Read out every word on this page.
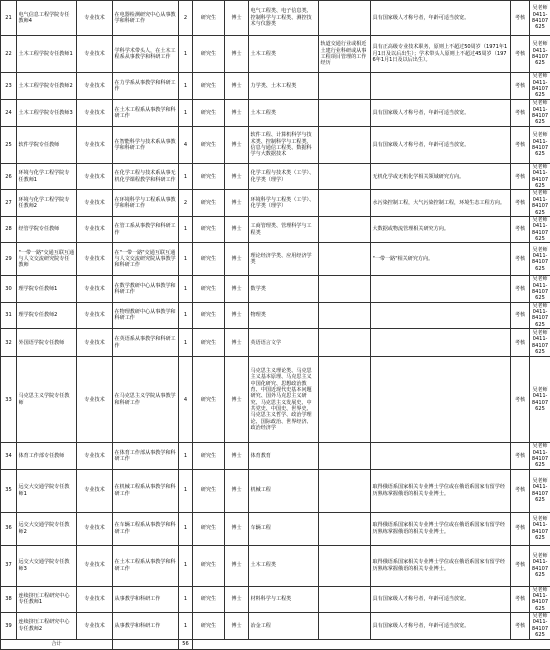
21	电气信息工程学院专任教师4	专业技术	在电器检测研究中心从事教学和科研工作	2	研究生	博士	电气工程类、电子信息类、控制科学与工程类、测控技术与仪器类		具有国家级人才称号者，年龄可适当放宽。	考核	吴老师
0411-
84107625

22	土木工程学院专任教师1	专业技术	学科学术带头人，在土木工程系从事教学和科研工作	1	研究生	博士	土木工程类	轨道交通行业或相近土建行业科研或从事工程项目管理的工作经历	具有正高级专业技术职务，原则上不超过50周岁（1971年1月1日及以后出生）；学术带头人原则上不超过45周岁（1976年1月1日及以后出生）。	考核	吴老师
0411-
84107625

23	土木工程学院专任教师2	专业技术	在力学系从事教学和科研工作	1	研究生	博士	力学类、土木工程类			考核	吴老师
0411-
84107625

24	土木工程学院专任教师3	专业技术	在土木工程系从事教学和科研工作	1	研究生	博士	土木工程类		具有国家级人才称号者，年龄可适当放宽。	考核	吴老师
0411-
84107625

25	软件学院专任教师	专业技术	在智能科学与技术系从事教学和科研工作	4	研究生	博士	软件工程、计算机科学与技术类、控制科学与工程类、信息与通信工程类、数据科学与大数据技术		具有国家级人才称号者，年龄可适当放宽。	考核	吴老师
0411-
84107625

26	环境与化学工程学院专任教师1	专业技术	在化学工程与技术系从事无机化学课程教学和科研工作	1	研究生	博士	化学工程与技术类（工学）、化学类（理学）		无机化学或无机化学相关领域研究方向。	考核	吴老师
0411-
84107625

27	环境与化学工程学院专任教师2	专业技术	在环境科学与工程系从事教学和科研工作	2	研究生	博士	环境科学与工程类（工学）、化学类（理学）		水污染控制工程，大气污染控制工程，环境生态工程方向。	考核	吴老师
0411-
84107625

28	经管学院专任教师	专业技术	在管工系从事教学和科研工作	1	研究生	博士	工商管理类、管理科学与工程类		大数据或物流管理相关研究方向。	考核	吴老师
0411-
84107625

29	"一带一路"交通互联互通与人文交流研究院专任教师	专业技术	在"一带一路"交通互联互通与人文交流研究院从事教学和科研工作	1	研究生	博士	理论经济学类、应用经济学类		"一带一路"相关研究方向。	考核	吴老师
0411-
84107625

30	理学院专任教师1	专业技术	在数学教研中心从事教学和科研工作	1	研究生	博士	数学类			考核	吴老师
0411-
84107625

31	理学院专任教师2	专业技术	在物理教研中心从事教学和科研工作	1	研究生	博士	物理类			考核	吴老师
0411-
84107625

32	外国语学院专任教师	专业技术	在英语系从事教学和科研工作	1	研究生	博士	英语语言文学			考核	吴老师
0411-
84107625

33	马克思主义学院专任教师	专业技术	在马克思主义学院从事教学和科研工作	4	研究生	博士	马克思主义理论类、马克思主义基本原理、马克思主义中国化研究、思想政治教育、中国近现代史基本问题研究、国外马克思主义研究、马克思主义发展史、中共党史、中国史、世界史、马克思主义哲学、政治学理论、国际政治、世界经济、政治经济学			考核	吴老师
0411-
84107625

34	体育工作部专任教师	专业技术	在体育工作部从事教学和科研工作	1	研究生	博士	体育教育			考核	吴老师
0411-
84107625

35	远交大交通学院专任教师1	专业技术	在机械工程系从事教学和科研工作	1	研究生	博士	机械工程		取得俄语系国家相关专业博士学位或在俄语系国家有留学经历熟练掌握俄语的相关专业博士。	考核	吴老师
0411-
84107625

36	远交大交通学院专任教师2	专业技术	在车辆工程系从事教学和科研工作	1	研究生	博士	车辆工程		取得俄语系国家相关专业博士学位或在俄语系国家有留学经历熟练掌握俄语的相关专业博士。	考核	吴老师
0411-
84107625

37	远交大交通学院专任教师3	专业技术	在土木工程系从事教学和科研工作	1	研究生	博士	土木工程类		取得俄语系国家相关专业博士学位或在俄语系国家有留学经历熟练掌握俄语的相关专业博士。	考核	吴老师
0411-
84107625

38	连续挤压工程研究中心专任教师1	专业技术	从事教学和科研工作	1	研究生	博士	材料科学与工程类		具有国家级人才称号者，年龄可适当放宽。	考核	吴老师
0411-
84107625

39	连续挤压工程研究中心专任教师2	专业技术	从事教学和科研工作	1	研究生	博士	冶金工程		具有国家级人才称号者，年龄可适当放宽。	考核	吴老师
0411-
84107625

合计				56							
